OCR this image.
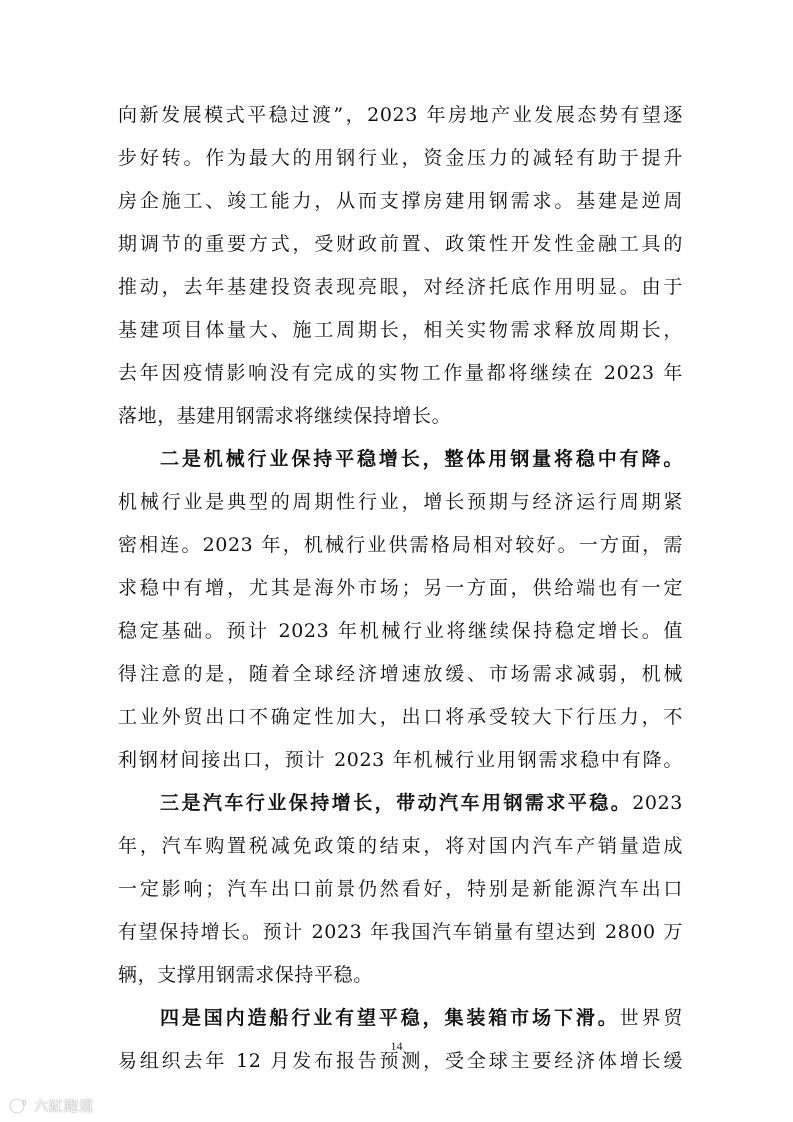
向新发展模式平稳过渡”，2023 年房地产业发展态势有望逐
步好转。作为最大的用钢行业，资金压力的减轻有助于提升
房企施工、竣工能力，从而支撑房建用钢需求。基建是逆周
期调节的重要方式，受财政前置、政策性开发性金融工具的
推动，去年基建投资表现亮眼，对经济托底作用明显。由于
基建项目体量大、施工周期长，相关实物需求释放周期长，
去年因疫情影响没有完成的实物工作量都将继续在 2023 年
落地，基建用钢需求将继续保持增长。
二是机械行业保持平稳增长，整体用钢量将稳中有降。
机械行业是典型的周期性行业，增长预期与经济运行周期紧
密相连。2023 年，机械行业供需格局相对较好。一方面，需
求稳中有增，尤其是海外市场；另一方面，供给端也有一定
稳定基础。预计 2023 年机械行业将继续保持稳定增长。值
得注意的是，随着全球经济增速放缓、市场需求减弱，机械
工业外贸出口不确定性加大，出口将承受较大下行压力，不
利钢材间接出口，预计 2023 年机械行业用钢需求稳中有降。
三是汽车行业保持增长，带动汽车用钢需求平稳。2023
年，汽车购置税减免政策的结束，将对国内汽车产销量造成
一定影响；汽车出口前景仍然看好，特别是新能源汽车出口
有望保持增长。预计 2023 年我国汽车销量有望达到 2800 万
辆，支撑用钢需求保持平稳。
四是国内造船行业有望平稳，集装箱市场下滑。世界贸
易组织去年 12 月发布报告预测，受全球主要经济体增长缓
14
6 六缸跑道
